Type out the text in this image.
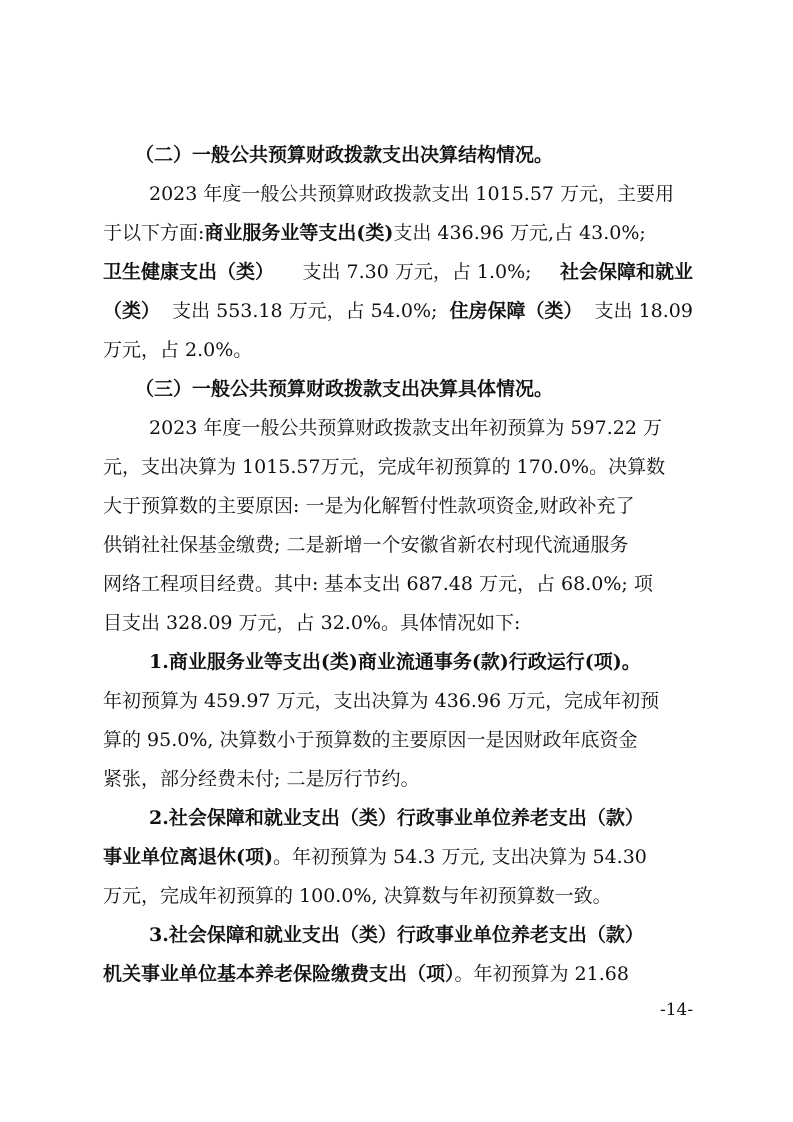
（二）一般公共预算财政拨款支出决算结构情况。
2023 年度一般公共预算财政拨款支出 1015.57 万元，主要用
于以下方面:商业服务业等支出(类)支出 436.96 万元,占 43.0%;
卫生健康支出（类） 支出 7.30 万元，占 1.0%; 社会保障和就业
（类） 支出 553.18 万元，占 54.0%; 住房保障（类） 支出 18.09
万元，占 2.0%。
（三）一般公共预算财政拨款支出决算具体情况。
2023 年度一般公共预算财政拨款支出年初预算为 597.22 万
元，支出决算为 1015.57万元，完成年初预算的 170.0%。决算数
大于预算数的主要原因: 一是为化解暂付性款项资金,财政补充了
供销社社保基金缴费; 二是新增一个安徽省新农村现代流通服务
网络工程项目经费。其中: 基本支出 687.48 万元，占 68.0%; 项
目支出 328.09 万元，占 32.0%。具体情况如下:
1.商业服务业等支出(类)商业流通事务(款)行政运行(项)。
年初预算为 459.97 万元，支出决算为 436.96 万元，完成年初预
算的 95.0%, 决算数小于预算数的主要原因一是因财政年底资金
紧张，部分经费未付; 二是厉行节约。
2.社会保障和就业支出（类）行政事业单位养老支出（款）
事业单位离退休(项)。年初预算为 54.3 万元, 支出决算为 54.30
万元，完成年初预算的 100.0%, 决算数与年初预算数一致。
3.社会保障和就业支出（类）行政事业单位养老支出（款）
机关事业单位基本养老保险缴费支出（项）。年初预算为 21.68
-14-
